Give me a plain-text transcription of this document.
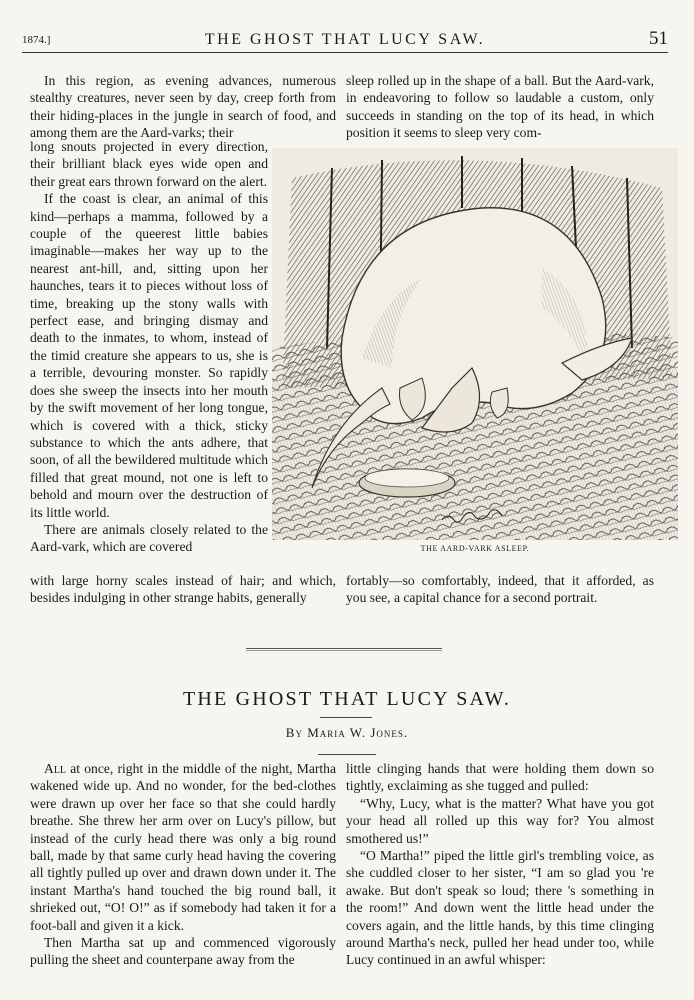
1874.]	THE GHOST THAT LUCY SAW.	51

In this region, as evening advances, numerous stealthy creatures, never seen by day, creep forth from their hiding-places in the jungle in search of food, and among them are the Aard-varks; their

long snouts projected in every direction, their brilliant black eyes wide open and their great ears thrown forward on the alert.

If the coast is clear, an animal of this kind—perhaps a mamma, followed by a couple of the queerest little babies imaginable—makes her way up to the nearest ant-hill, and, sitting upon her haunches, tears it to pieces without loss of time, breaking up the stony walls with perfect ease, and bringing dismay and death to the inmates, to whom, instead of the timid creature she appears to us, she is a terrible, devouring monster. So rapidly does she sweep the insects into her mouth by the swift movement of her long tongue, which is covered with a thick, sticky substance to which the ants adhere, that soon, of all the bewildered multitude which filled that great mound, not one is left to behold and mourn over the destruction of its little world.

There are animals closely related to the Aard-vark, which are covered

with large horny scales instead of hair; and which, besides indulging in other strange habits, generally

sleep rolled up in the shape of a ball. But the Aard-vark, in endeavoring to follow so laudable a custom, only succeeds in standing on the top of its head, in which position it seems to sleep very com-

THE AARD-VARK ASLEEP.

fortably—so comfortably, indeed, that it afforded, as you see, a capital chance for a second portrait.

THE GHOST THAT LUCY SAW.
By Maria W. Jones.

All at once, right in the middle of the night, Martha wakened wide up. And no wonder, for the bed-clothes were drawn up over her face so that she could hardly breathe. She threw her arm over on Lucy's pillow, but instead of the curly head there was only a big round ball, made by that same curly head having the covering all tightly pulled up over and drawn down under it. The instant Martha's hand touched the big round ball, it shrieked out, “O! O!” as if somebody had taken it for a foot-ball and given it a kick.

Then Martha sat up and commenced vigorously pulling the sheet and counterpane away from the

little clinging hands that were holding them down so tightly, exclaiming as she tugged and pulled:

“Why, Lucy, what is the matter? What have you got your head all rolled up this way for? You almost smothered us!”

“O Martha!” piped the little girl's trembling voice, as she cuddled closer to her sister, “I am so glad you 're awake. But don't speak so loud; there 's something in the room!” And down went the little head under the covers again, and the little hands, by this time clinging around Martha's neck, pulled her head under too, while Lucy continued in an awful whisper:
